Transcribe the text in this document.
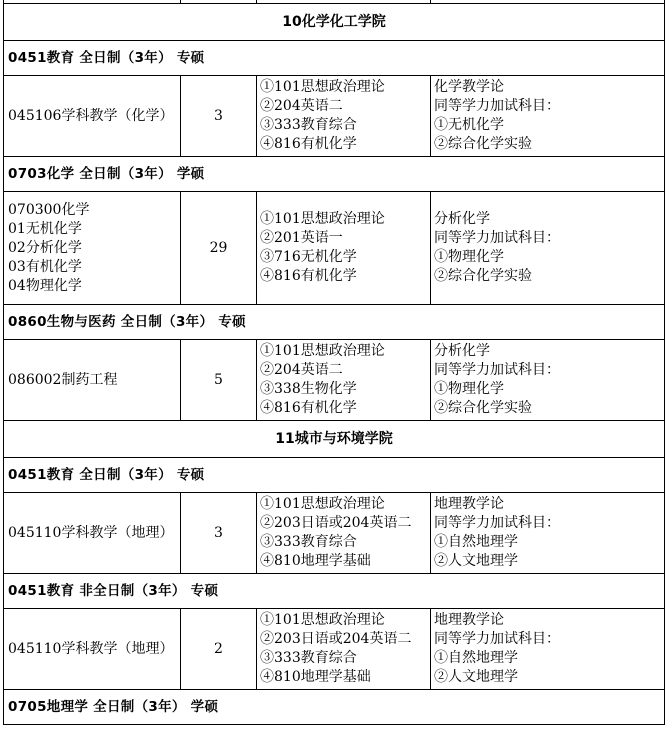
10化学化工学院			
0451教育 全日制（3年） 专硕			

045106学科教学（化学）	3	①101思想政治理论
②204英语二
③333教育综合
④816有机化学	化学教学论
同等学力加试科目：
①无机化学
②综合化学实验

0703化学 全日制（3年） 学硕			

070300化学
01无机化学
02分析化学
03有机化学
04物理化学	29	①101思想政治理论
②201英语一
③716无机化学
④816有机化学	分析化学
同等学力加试科目：
①物理化学
②综合化学实验

0860生物与医药 全日制（3年） 专硕			

086002制药工程	5	①101思想政治理论
②204英语二
③338生物化学
④816有机化学	分析化学
同等学力加试科目：
①物理化学
②综合化学实验

11城市与环境学院			
0451教育 全日制（3年） 专硕			

045110学科教学（地理）	3	①101思想政治理论
②203日语或204英语二
③333教育综合
④810地理学基础	地理教学论
同等学力加试科目：
①自然地理学
②人文地理学

0451教育 非全日制（3年） 专硕			

045110学科教学（地理）	2	①101思想政治理论
②203日语或204英语二
③333教育综合
④810地理学基础	地理教学论
同等学力加试科目：
①自然地理学
②人文地理学

0705地理学 全日制（3年） 学硕			
